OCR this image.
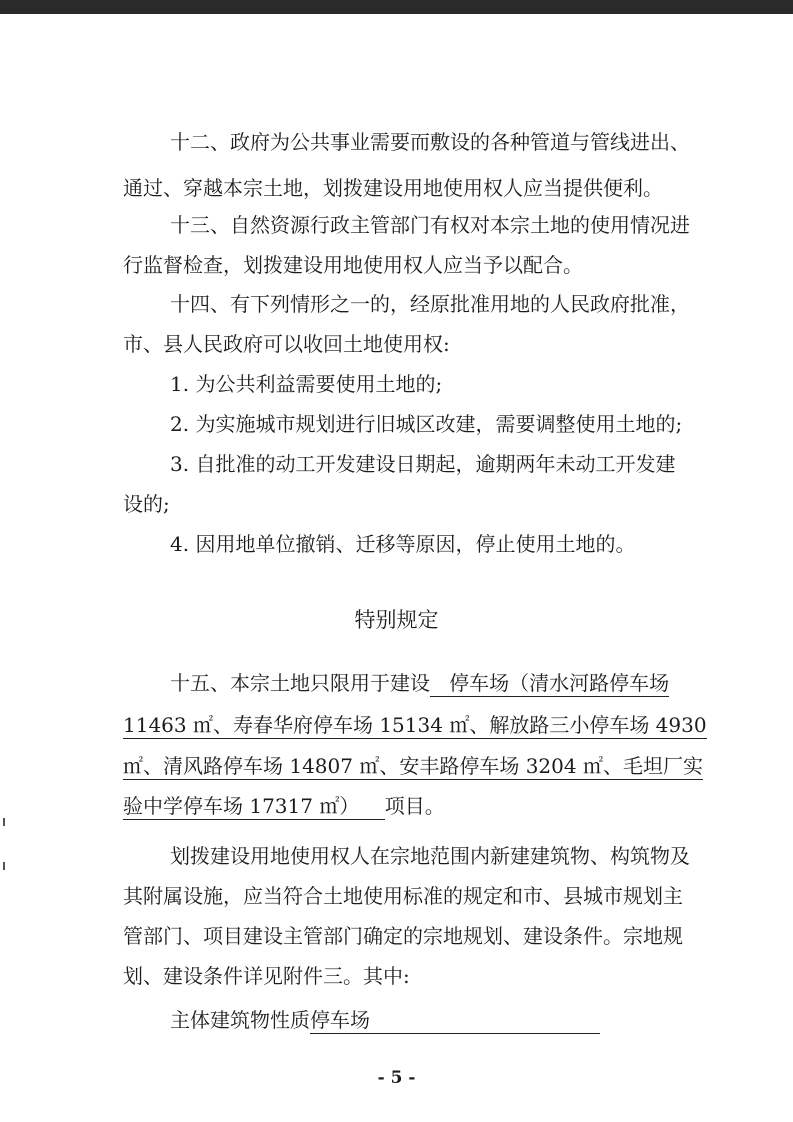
十二、政府为公共事业需要而敷设的各种管道与管线进出、
通过、穿越本宗土地，划拨建设用地使用权人应当提供便利。
十三、自然资源行政主管部门有权对本宗土地的使用情况进
行监督检查，划拨建设用地使用权人应当予以配合。
十四、有下列情形之一的，经原批准用地的人民政府批准，
市、县人民政府可以收回土地使用权:
1. 为公共利益需要使用土地的;
2. 为实施城市规划进行旧城区改建，需要调整使用土地的;
3. 自批准的动工开发建设日期起，逾期两年未动工开发建
设的;
4. 因用地单位撤销、迁移等原因，停止使用土地的。
特别规定
十五、本宗土地只限用于建设 停车场（清水河路停车场
11463 ㎡、寿春华府停车场 15134 ㎡、解放路三小停车场 4930
㎡、清风路停车场 14807 ㎡、安丰路停车场 3204 ㎡、毛坦厂实
验中学停车场 17317 ㎡） 项目。
划拨建设用地使用权人在宗地范围内新建建筑物、构筑物及
其附属设施，应当符合土地使用标准的规定和市、县城市规划主
管部门、项目建设主管部门确定的宗地规划、建设条件。宗地规
划、建设条件详见附件三。其中:
主体建筑物性质停车场
- 5 -
